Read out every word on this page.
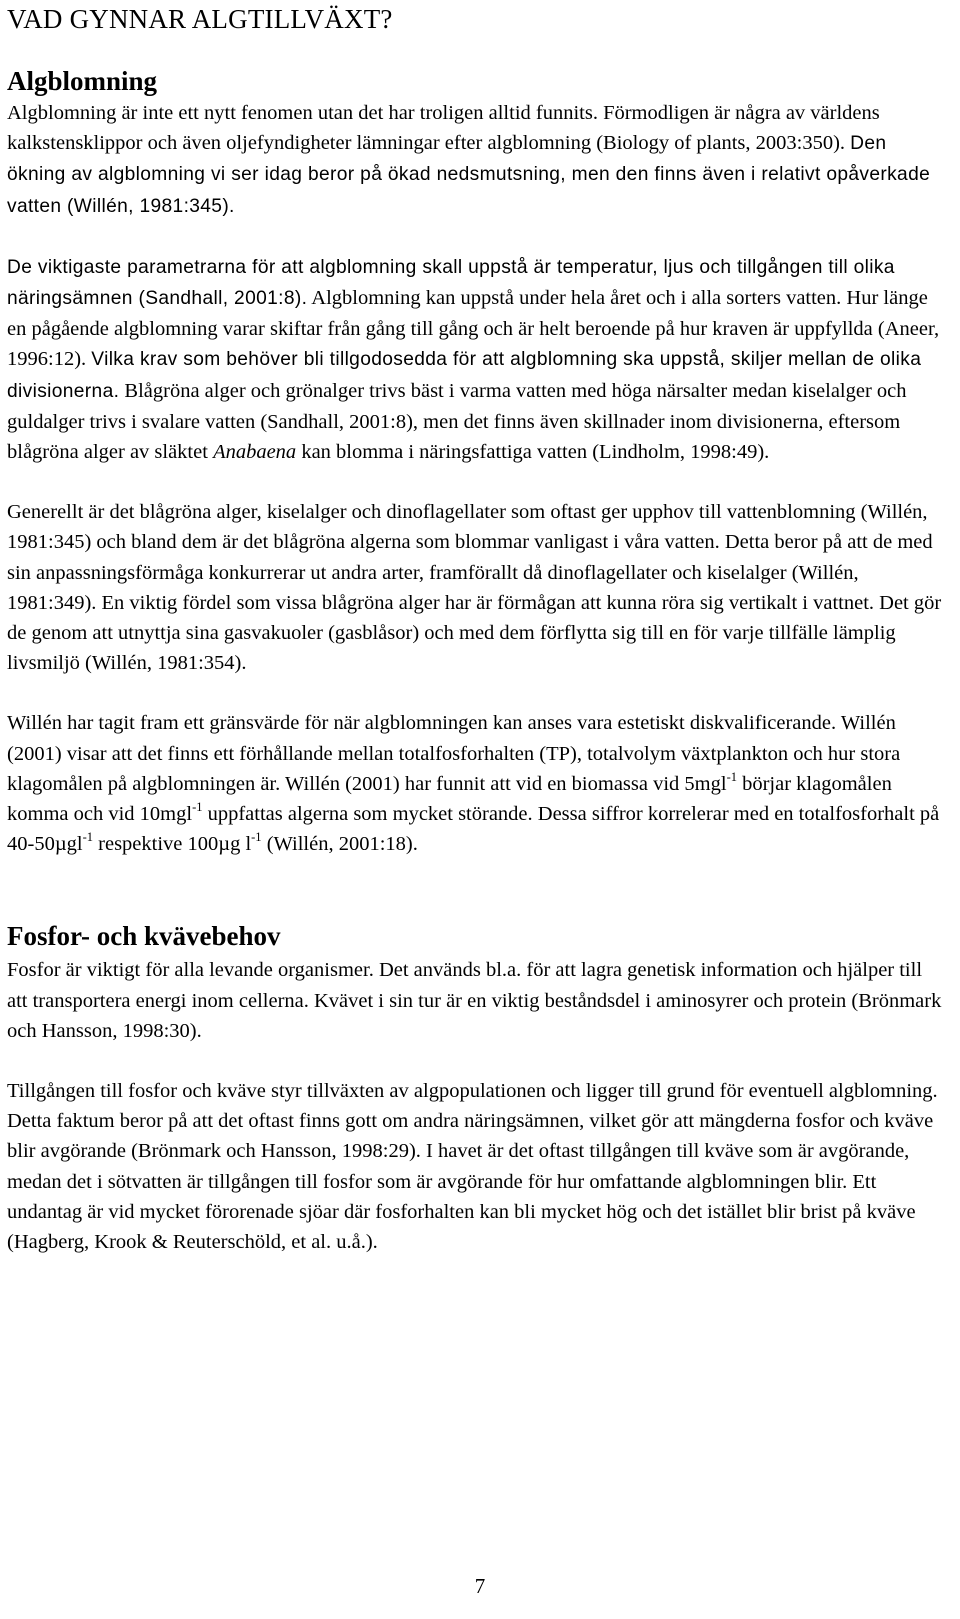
VAD GYNNAR ALGTILLVÄXT?
Algblomning

Algblomning är inte ett nytt fenomen utan det har troligen alltid funnits. Förmodligen är några av världens kalkstensklippor och även oljefyndigheter lämningar efter algblomning (Biology of plants, 2003:350). Den ökning av algblomning vi ser idag beror på ökad nedsmutsning, men den finns även i relativt opåverkade vatten (Willén, 1981:345).

De viktigaste parametrarna för att algblomning skall uppstå är temperatur, ljus och tillgången till olika näringsämnen (Sandhall, 2001:8). Algblomning kan uppstå under hela året och i alla sorters vatten. Hur länge en pågående algblomning varar skiftar från gång till gång och är helt beroende på hur kraven är uppfyllda (Aneer, 1996:12). Vilka krav som behöver bli tillgodosedda för att algblomning ska uppstå, skiljer mellan de olika divisionerna. Blågröna alger och grönalger trivs bäst i varma vatten med höga närsalter medan kiselalger och guldalger trivs i svalare vatten (Sandhall, 2001:8), men det finns även skillnader inom divisionerna, eftersom blågröna alger av släktet Anabaena kan blomma i näringsfattiga vatten (Lindholm, 1998:49).

Generellt är det blågröna alger, kiselalger och dinoflagellater som oftast ger upphov till vattenblomning (Willén, 1981:345) och bland dem är det blågröna algerna som blommar vanligast i våra vatten. Detta beror på att de med sin anpassningsförmåga konkurrerar ut andra arter, framförallt då dinoflagellater och kiselalger (Willén, 1981:349). En viktig fördel som vissa blågröna alger har är förmågan att kunna röra sig vertikalt i vattnet. Det gör de genom att utnyttja sina gasvakuoler (gasblåsor) och med dem förflytta sig till en för varje tillfälle lämplig livsmiljö (Willén, 1981:354).

Willén har tagit fram ett gränsvärde för när algblomningen kan anses vara estetiskt diskvalificerande. Willén (2001) visar att det finns ett förhållande mellan totalfosforhalten (TP), totalvolym växtplankton och hur stora klagomålen på algblomningen är. Willén (2001) har funnit att vid en biomassa vid 5mgl$^{-1}$ börjar klagomålen komma och vid 10mgl$^{-1}$ uppfattas algerna som mycket störande. Dessa siffror korrelerar med en totalfosforhalt på 40-50µgl$^{-1}$ respektive 100µg $l^{-1}$ (Willén, 2001:18).

Fosfor- och kvävebehov

Fosfor är viktigt för alla levande organismer. Det används bl.a. för att lagra genetisk information och hjälper till att transportera energi inom cellerna. Kvävet i sin tur är en viktig beståndsdel i aminosyrer och protein (Brönmark och Hansson, 1998:30).

Tillgången till fosfor och kväve styr tillväxten av algpopulationen och ligger till grund för eventuell algblomning. Detta faktum beror på att det oftast finns gott om andra näringsämnen, vilket gör att mängderna fosfor och kväve blir avgörande (Brönmark och Hansson, 1998:29). I havet är det oftast tillgången till kväve som är avgörande, medan det i sötvatten är tillgången till fosfor som är avgörande för hur omfattande algblomningen blir. Ett undantag är vid mycket förorenade sjöar där fosforhalten kan bli mycket hög och det istället blir brist på kväve (Hagberg, Krook & Reuterschöld, et al. u.å.).

7
